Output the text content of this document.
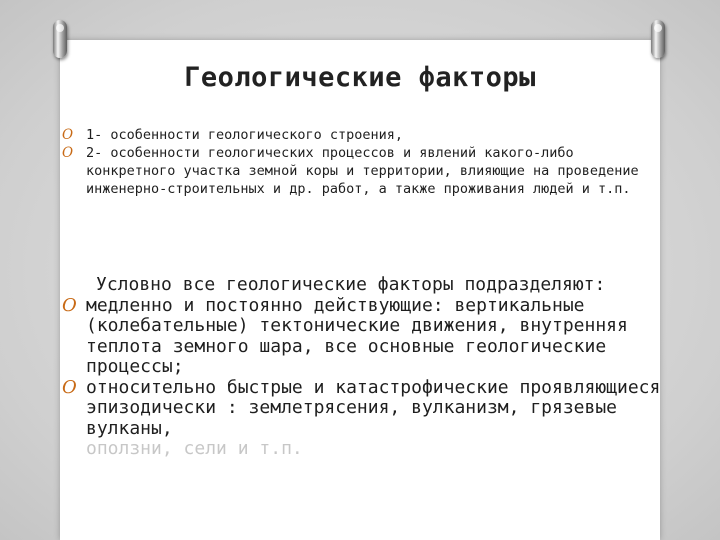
Геологические факторы
O 1- особенности геологического строения,
O 2- особенности геологических процессов и явлений какого-либо конкретного участка земной коры и территории, влияющие на проведение инженерно-строительных и др. работ, а также проживания людей и т.п.
Условно все геологические факторы подразделяют:
O медленно и постоянно действующие: вертикальные (колебательные) тектонические движения, внутренняя теплота земного шара, все основные геологические процессы;
O относительно быстрые и катастрофические проявляющиеся эпизодически : землетрясения, вулканизм, грязевые вулканы,
оползни, сели и т.п.
